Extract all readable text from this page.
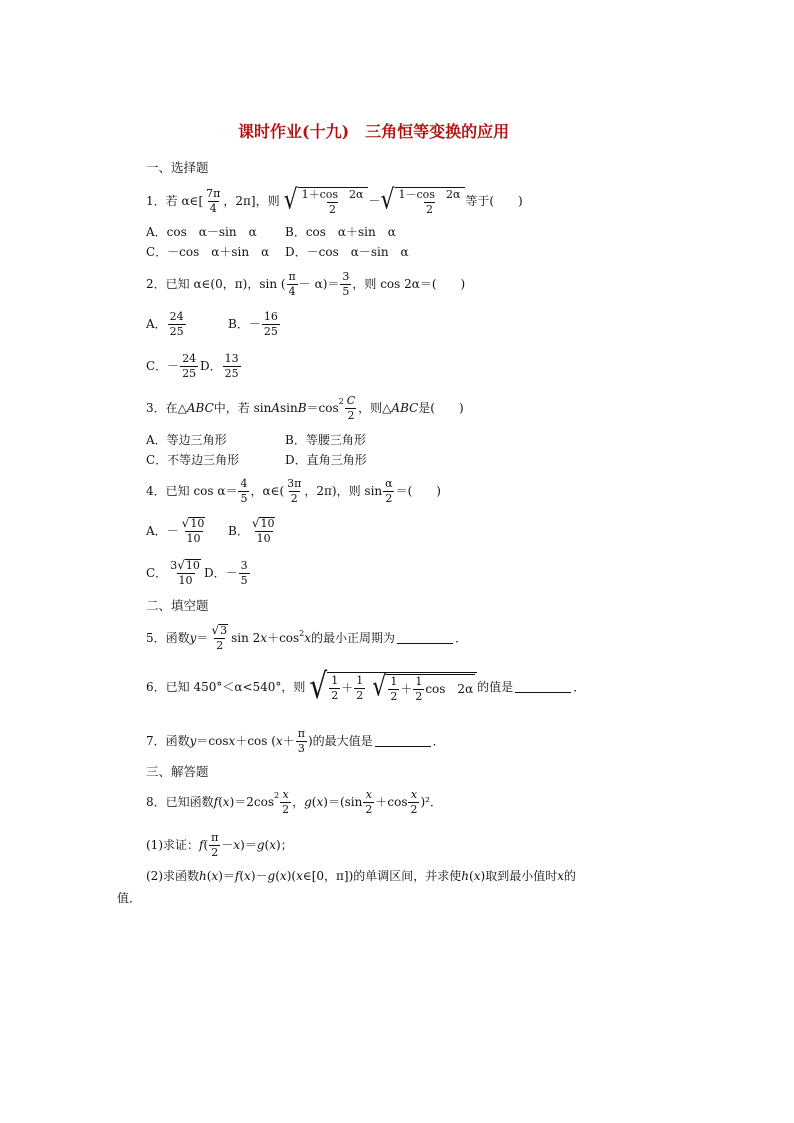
课时作业(十九)　三角恒等变换的应用
一、选择题
1． 若 α∈[ $\frac{7\pi}{4}$ ，2π]，则 √ $\frac{1+\cos 2\alpha}{2}$ － √ $\frac{1-\cos 2\alpha}{2}$ 等于(　　)
A．cos　α－sin　α B．cos　α＋sin　α
C．－cos　α＋sin　α D．－cos　α－sin　α
2．已知 α∈(0，π)，sin ( $\frac{\pi}{4} - \alpha)= \frac{3}{5}$ ，则 cos 2α＝(　　)
A． $\frac{24}{25}$	B．－ $\frac{16}{25}$
C．－ $\frac{24}{25}$ D． $\frac{13}{25}$
3．在△ ABC 中，若 sin A $\sin B =\cos^2 \frac{C}{2}$ ，则△ ABC 是(　　)
A．等边三角形	B．等腰三角形
C．不等边三角形	D．直角三角形
4．已知 $\cos \alpha= \frac{4}{5}$ ，α∈( $\frac{3\pi}{2}$ ，2π)，则 $\sin \frac{\alpha}{2}$ ＝(　　)
A．－ $\frac{√ 10}{10}$ B． $\frac{√ 10}{10}$
C． $\frac{3 √ 10}{10}$ D．－ $\frac{3}{5}$
二、填空题
5．函数 $y = \frac{√ 3}{2}$ sin 2 $x +\cos^2$ x 的最小正周期为	．
6．已知 450°＜α<540°，则 √ $\frac{1}{2} + \frac{1}{2}$ √ $\frac{1}{2} + \frac{1}{2}$ cos　2α 的值是	．
7．函数 y ＝cos x ＋cos ( $x + \frac{\pi}{3}$ )的最大值是	．
三、解答题
8．已知函数 f ( x ) $=2\cos^2 \frac{x}{2}$ ， g ( x ) $=(\sin \frac{x}{2} +\cos \frac{x}{2} )^2$．
(1)求证： f ( $\frac{\pi}{2} - x$ )＝ g ( x ) ；
(2)求函数 h ( x ) ＝ f ( x ) － g ( x )( x ∈[0，π])的单调区间，并求使 h ( x ) 取到最小值时 x 的
值．
